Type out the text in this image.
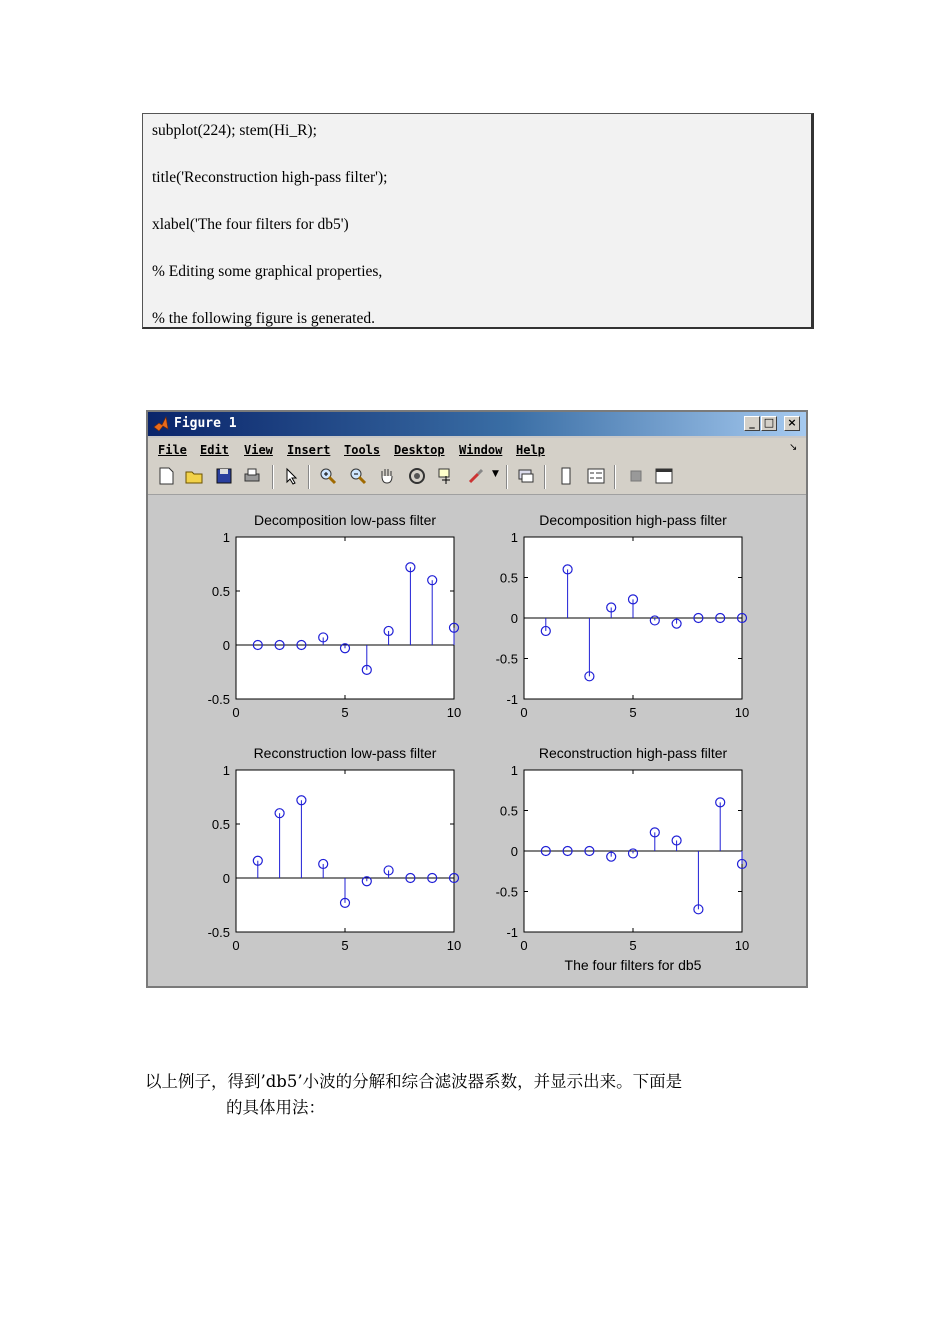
subplot(224); stem(Hi_R);
title('Reconstruction high-pass filter');
xlabel('The four filters for db5')
% Editing some graphical properties,
% the following figure is generated.
Figure 1	_ □	×
File Edit View Insert Tools Desktop Window Help	↘
▼
Decomposition low-pass filter
0	5	10
-0.5
0
0.5
1
Decomposition high-pass filter
0	5	10
-1
-0.5
0
0.5
1
Reconstruction low-pass filter
0	5	10
-0.5
0
0.5
1
Reconstruction high-pass filter
0	5	10
-1
-0.5
0
0.5
1
The four filters for db5
以上例子，得到’db5’小波的分解和综合滤波器系数，并显示出来。下面是
的具体用法：
